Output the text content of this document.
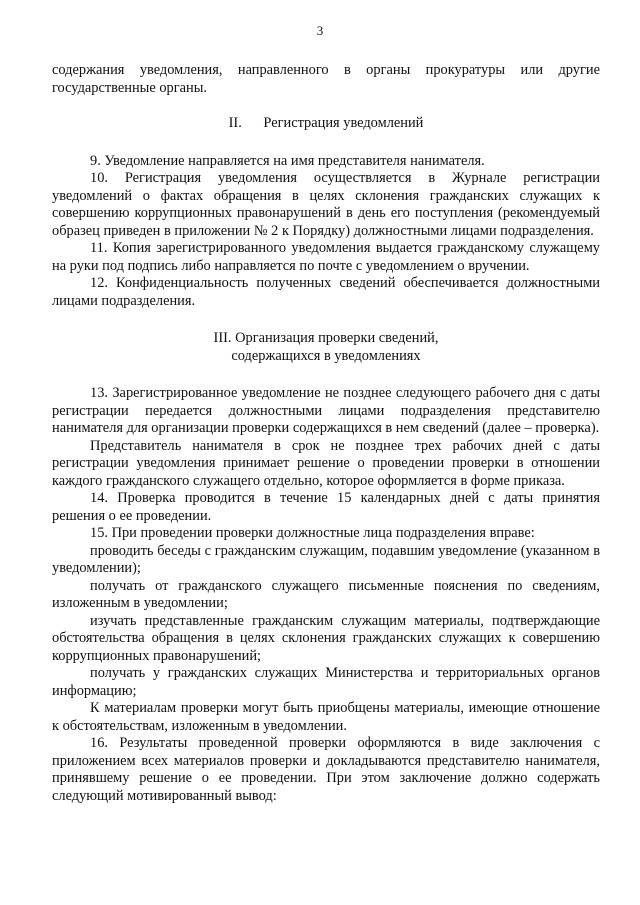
3

содержания уведомления, направленного в органы прокуратуры или другие государственные органы.

II. Регистрация уведомлений

9. Уведомление направляется на имя представителя нанимателя.

10. Регистрация уведомления осуществляется в Журнале регистрации уведомлений о фактах обращения в целях склонения гражданских служащих к совершению коррупционных правонарушений в день его поступления (рекомендуемый образец приведен в приложении № 2 к Порядку) должностными лицами подразделения.

11. Копия зарегистрированного уведомления выдается гражданскому служащему на руки под подпись либо направляется по почте с уведомлением о вручении.

12. Конфиденциальность полученных сведений обеспечивается должностными лицами подразделения.

III. Организация проверки сведений,
содержащихся в уведомлениях

13. Зарегистрированное уведомление не позднее следующего рабочего дня с даты регистрации передается должностными лицами подразделения представителю нанимателя для организации проверки содержащихся в нем сведений (далее – проверка).

Представитель нанимателя в срок не позднее трех рабочих дней с даты регистрации уведомления принимает решение о проведении проверки в отношении каждого гражданского служащего отдельно, которое оформляется в форме приказа.

14. Проверка проводится в течение 15 календарных дней с даты принятия решения о ее проведении.

15. При проведении проверки должностные лица подразделения вправе:

проводить беседы с гражданским служащим, подавшим уведомление (указанном в уведомлении);

получать от гражданского служащего письменные пояснения по сведениям, изложенным в уведомлении;

изучать представленные гражданским служащим материалы, подтверждающие обстоятельства обращения в целях склонения гражданских служащих к совершению коррупционных правонарушений;

получать у гражданских служащих Министерства и территориальных органов информацию;

К материалам проверки могут быть приобщены материалы, имеющие отношение к обстоятельствам, изложенным в уведомлении.

16. Результаты проведенной проверки оформляются в виде заключения с приложением всех материалов проверки и докладываются представителю нанимателя, принявшему решение о ее проведении. При этом заключение должно содержать следующий мотивированный вывод:
